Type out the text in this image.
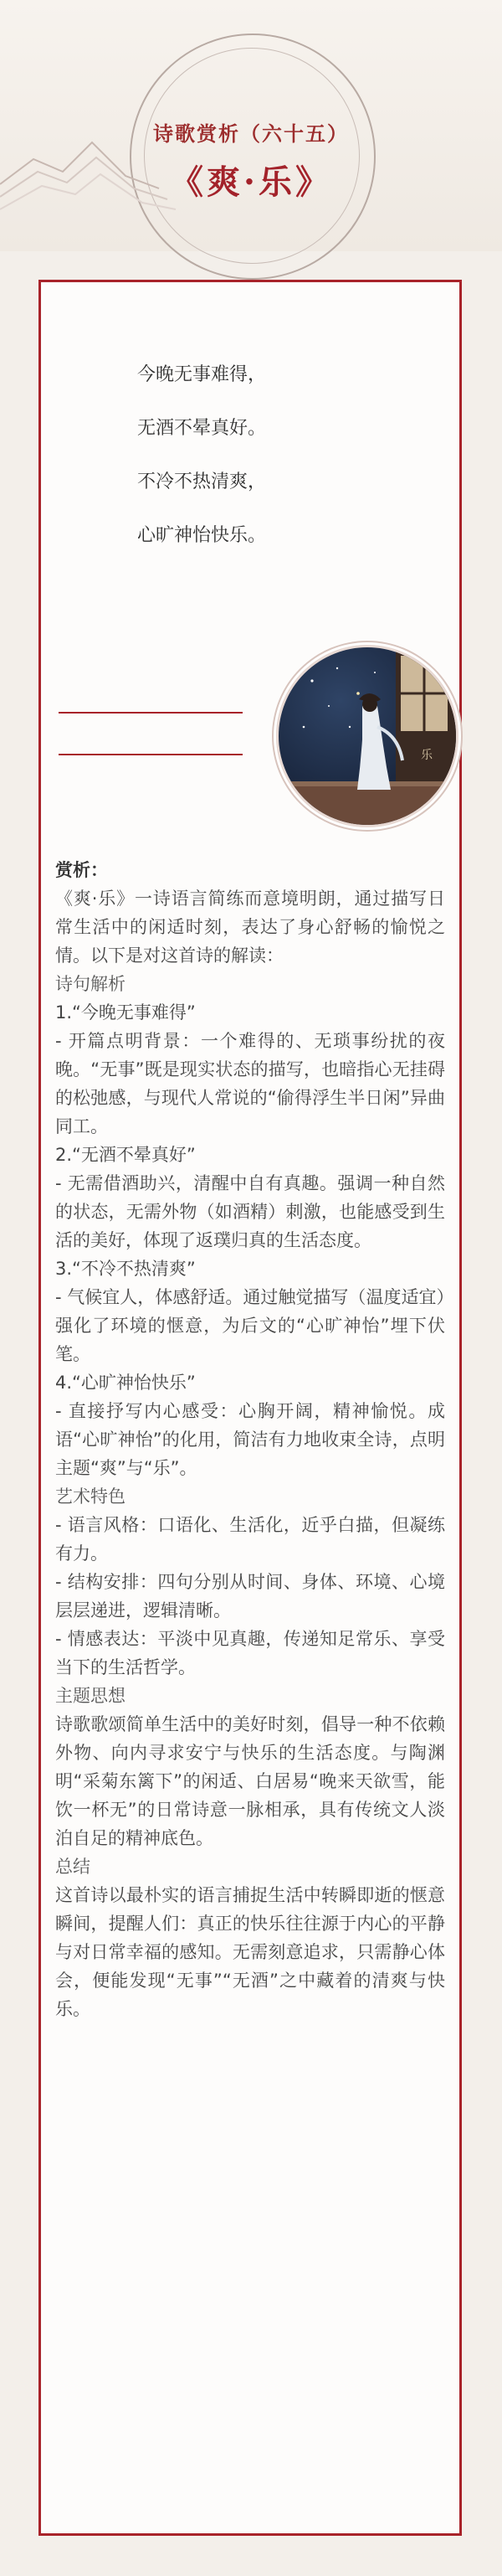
诗歌赏析（六十五）
《爽·乐》
今晚无事难得，
无酒不晕真好。
不冷不热清爽，
心旷神怡快乐。
乐

赏析：

《爽·乐》一诗语言简练而意境明朗，通过描写日常生活中的闲适时刻，表达了身心舒畅的愉悦之情。以下是对这首诗的解读：

诗句解析

1.“今晚无事难得”

- 开篇点明背景：一个难得的、无琐事纷扰的夜晚。“无事”既是现实状态的描写，也暗指心无挂碍的松弛感，与现代人常说的“偷得浮生半日闲”异曲同工。

2.“无酒不晕真好”

- 无需借酒助兴，清醒中自有真趣。强调一种自然的状态，无需外物（如酒精）刺激，也能感受到生活的美好，体现了返璞归真的生活态度。

3.“不冷不热清爽”

- 气候宜人，体感舒适。通过触觉描写（温度适宜）强化了环境的惬意，为后文的“心旷神怡”埋下伏笔。

4.“心旷神怡快乐”

- 直接抒写内心感受：心胸开阔，精神愉悦。成语“心旷神怡”的化用，简洁有力地收束全诗，点明主题“爽”与“乐”。

艺术特色

- 语言风格：口语化、生活化，近乎白描，但凝练有力。

- 结构安排：四句分别从时间、身体、环境、心境层层递进，逻辑清晰。

- 情感表达：平淡中见真趣，传递知足常乐、享受当下的生活哲学。

主题思想

诗歌歌颂简单生活中的美好时刻，倡导一种不依赖外物、向内寻求安宁与快乐的生活态度。与陶渊明“采菊东篱下”的闲适、白居易“晚来天欲雪，能饮一杯无”的日常诗意一脉相承，具有传统文人淡泊自足的精神底色。

总结

这首诗以最朴实的语言捕捉生活中转瞬即逝的惬意瞬间，提醒人们：真正的快乐往往源于内心的平静与对日常幸福的感知。无需刻意追求，只需静心体会，便能发现“无事”“无酒”之中藏着的清爽与快乐。
